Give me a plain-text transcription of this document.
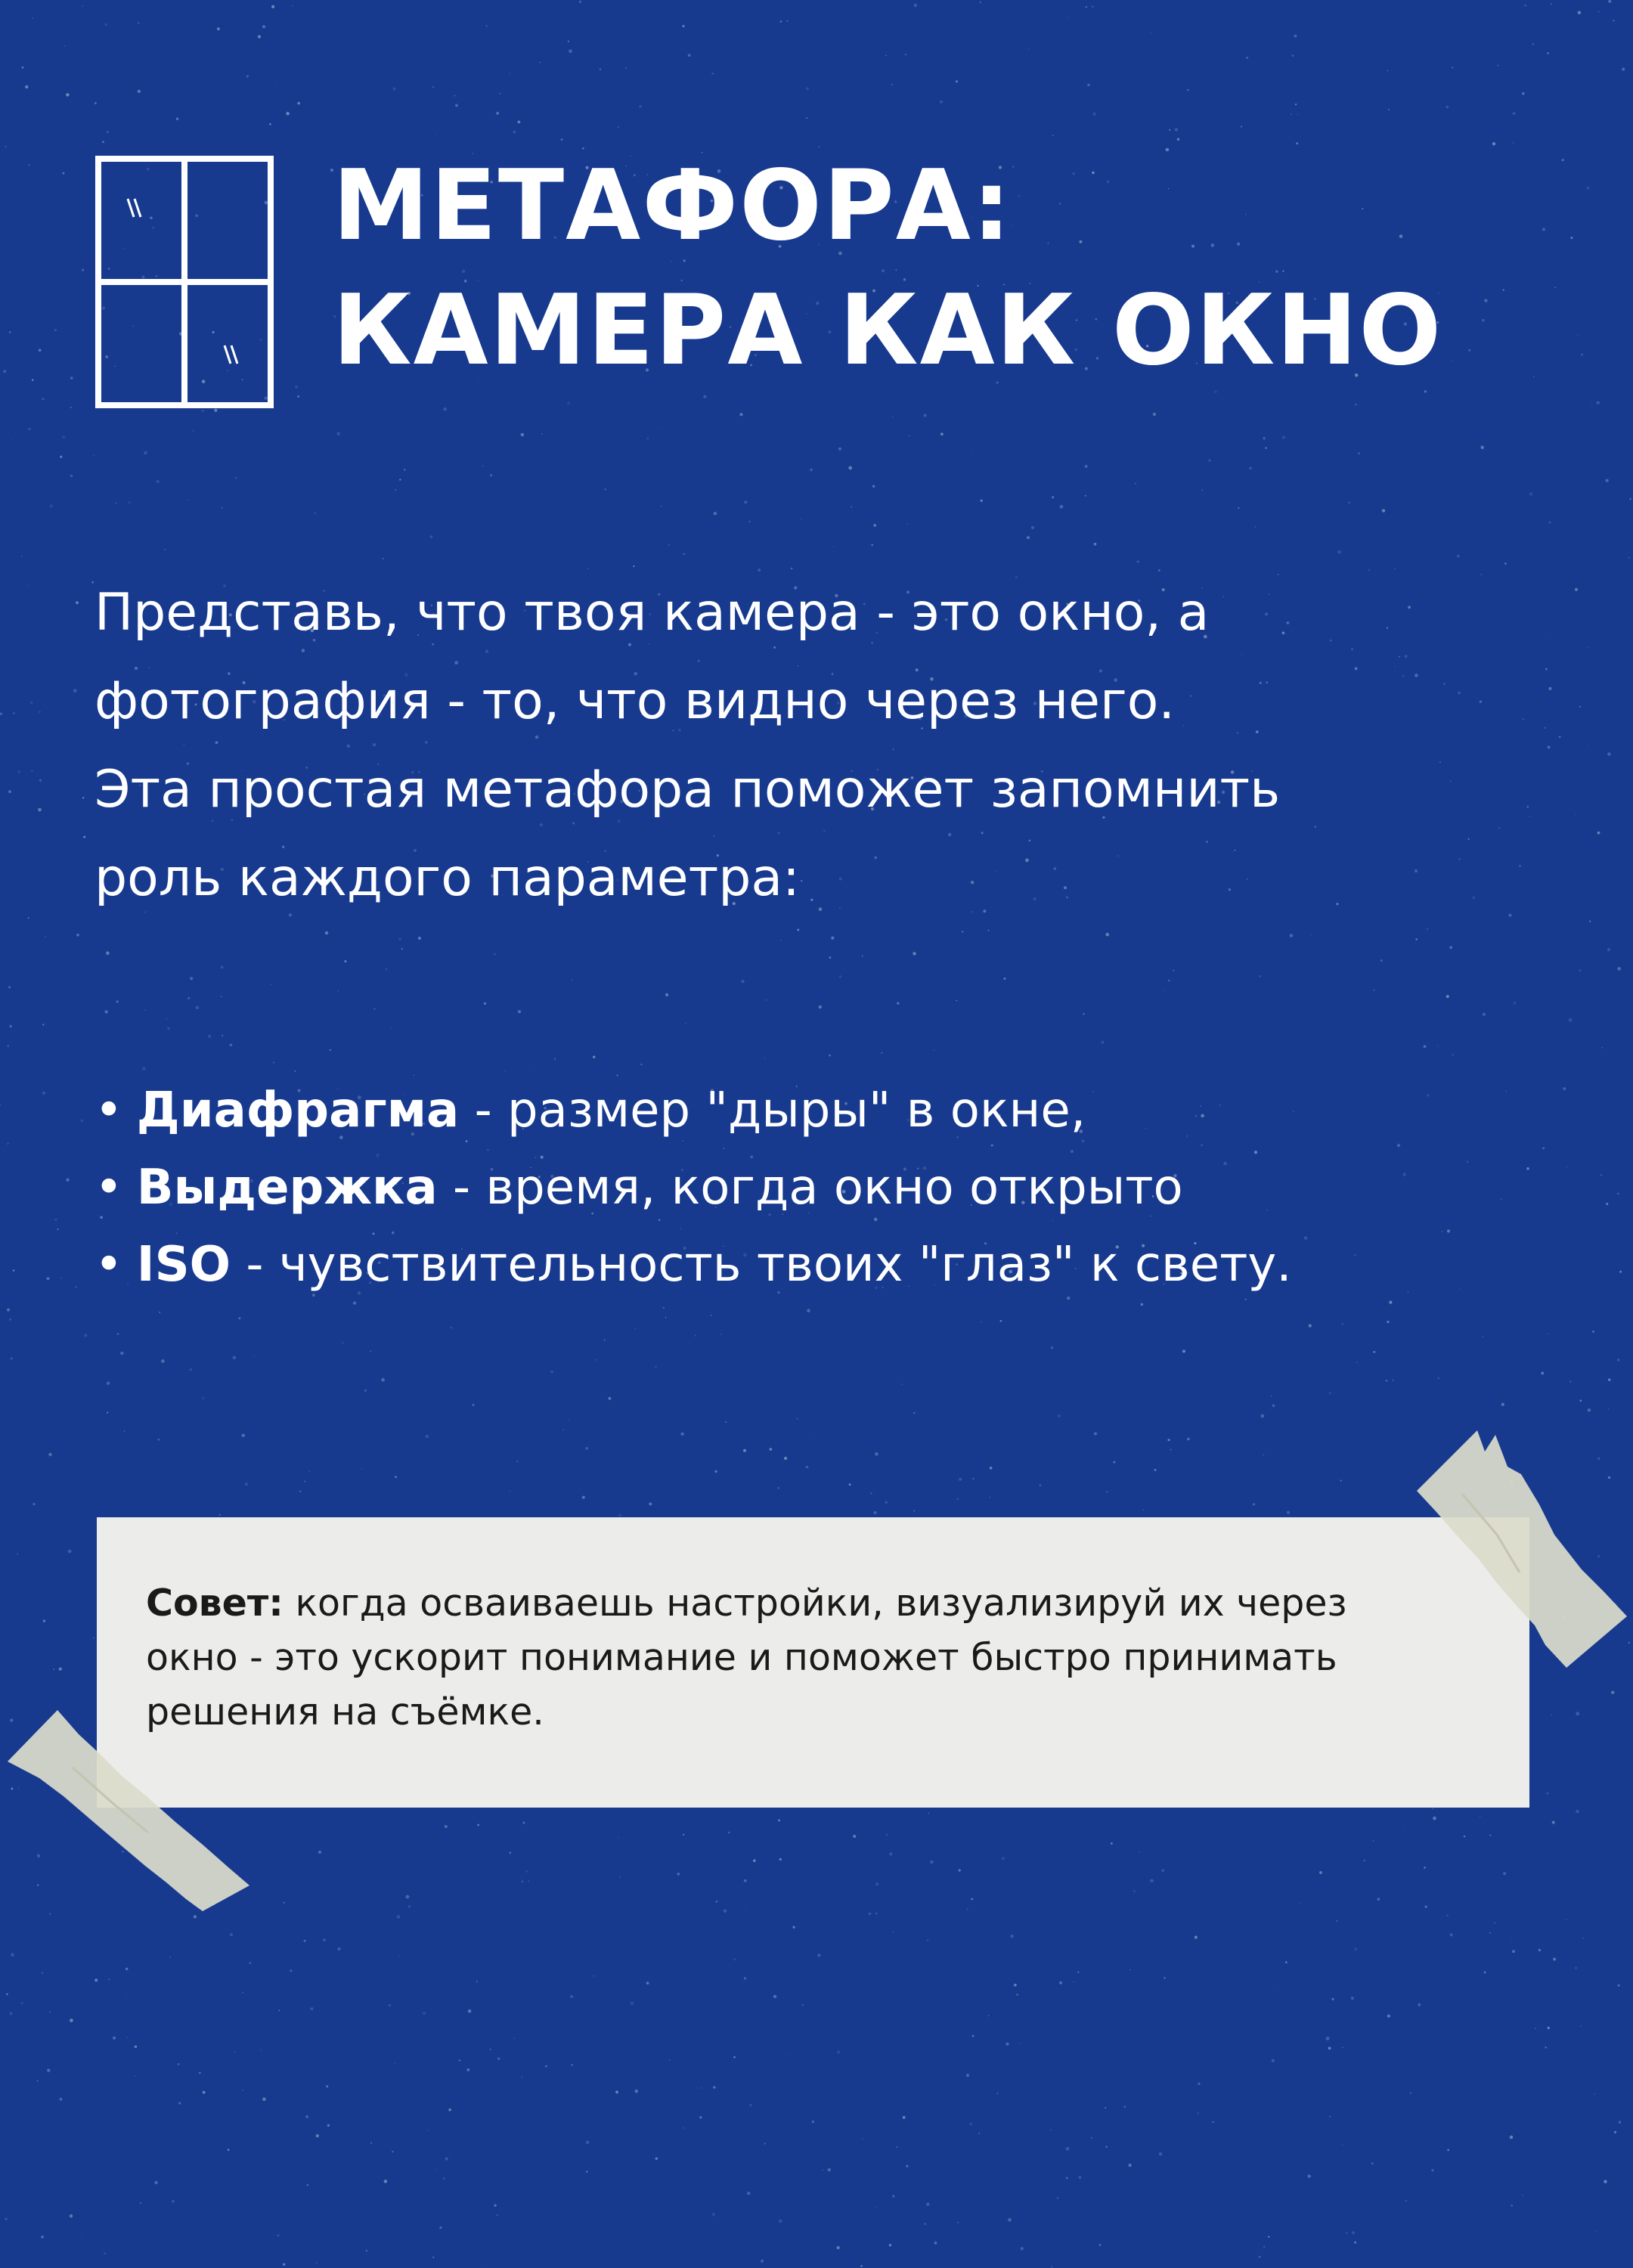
МЕТАФОРА:
КАМЕРА КАК ОКНО

Представь, что твоя камера - это окно, а
фотография - то, что видно через него.
Эта простая метафора поможет запомнить
роль каждого параметра:

• Диафрагма - размер "дыры" в окне,
• Выдержка - время, когда окно открыто
• ISO - чувствительность твоих "глаз" к свету.
Совет: когда осваиваешь настройки, визуализируй их через
окно - это ускорит понимание и поможет быстро принимать
решения на съёмке.
